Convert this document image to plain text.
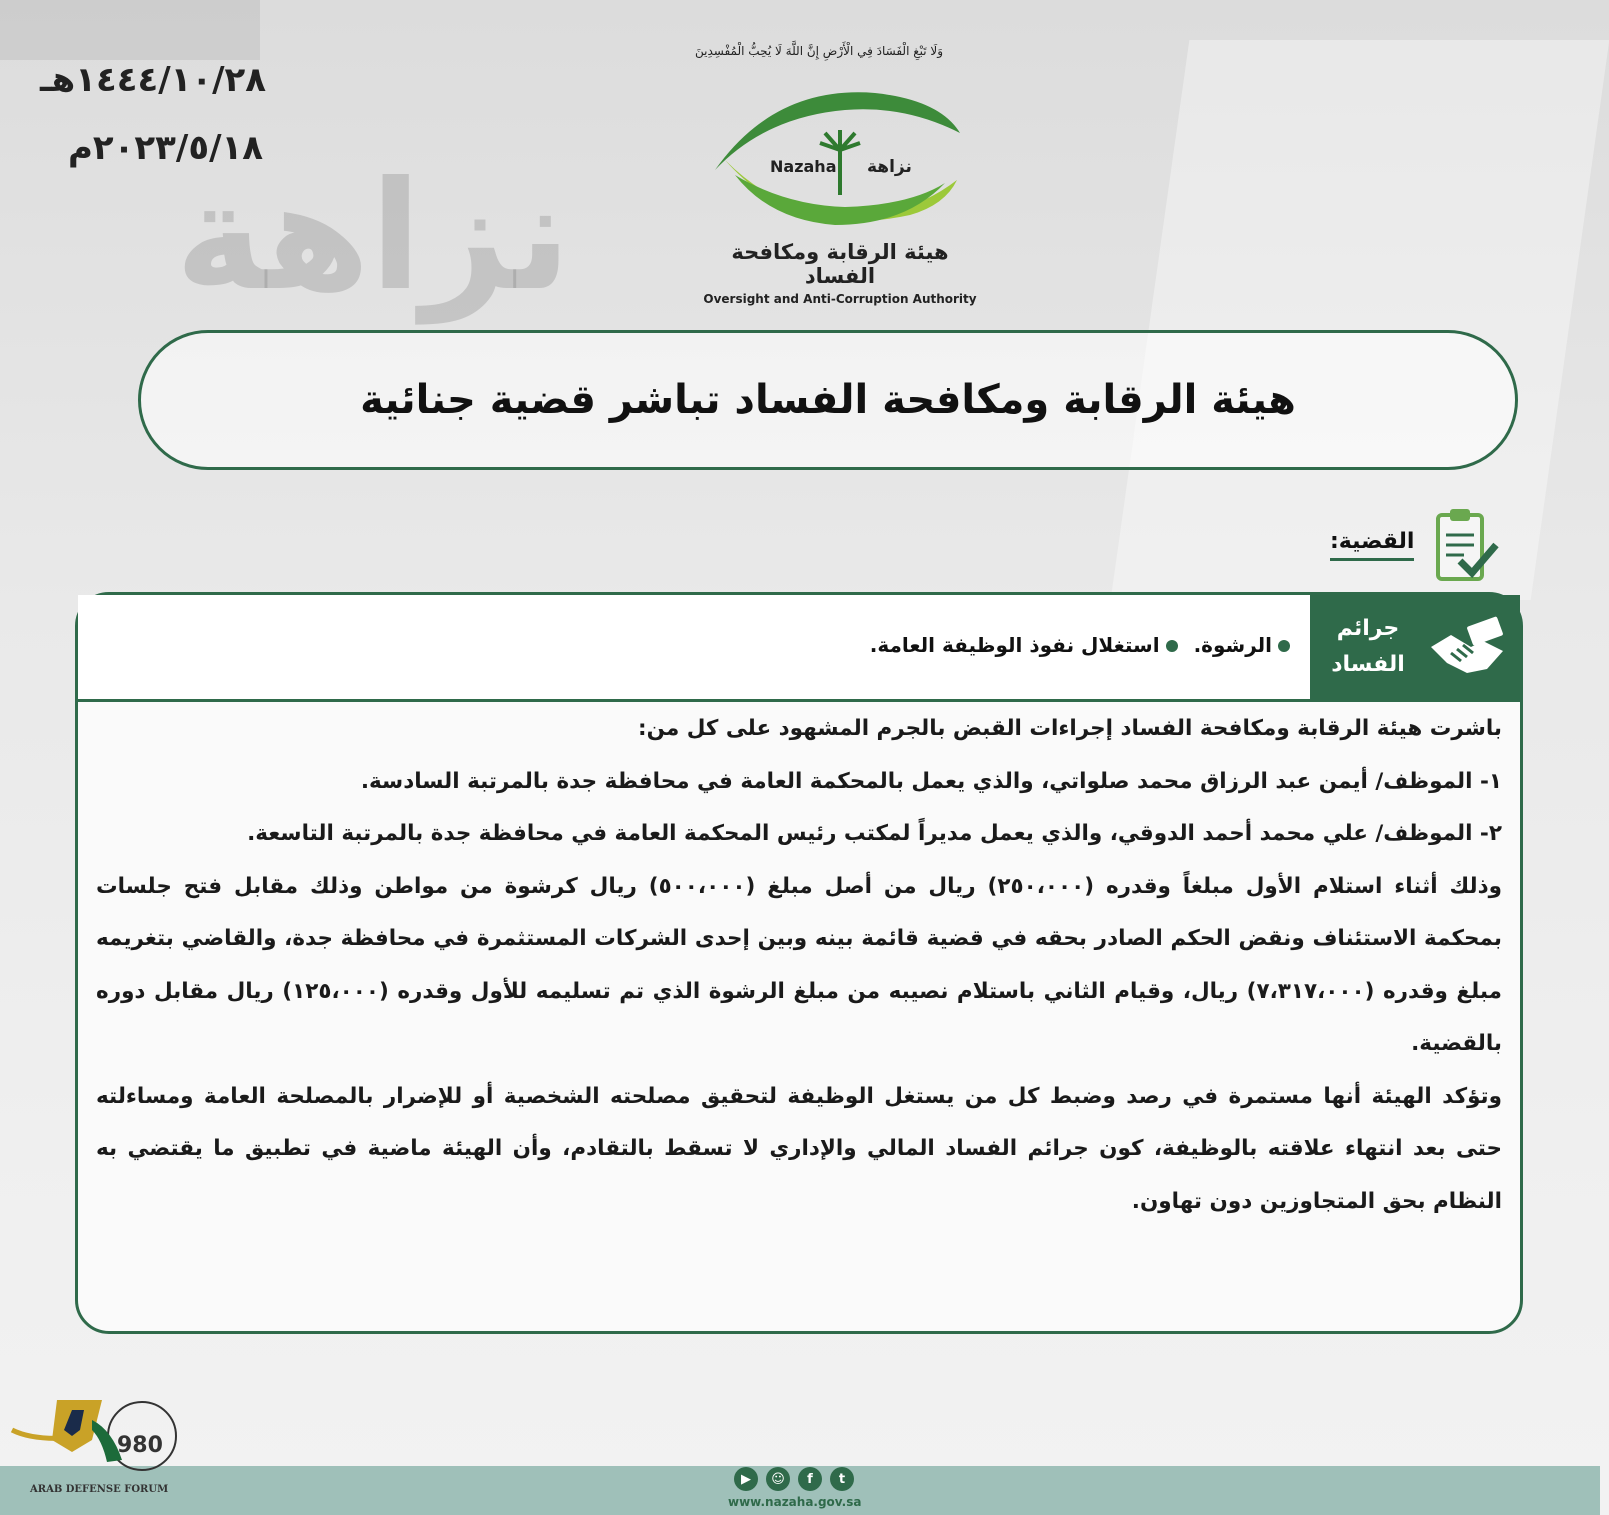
نزاهة
١٤٤٤/١٠/٢٨هـ
٢٠٢٣/٥/١٨م
وَلَا تَبْغِ الْفَسَادَ فِي الْأَرْضِ إِنَّ اللَّهَ لَا يُحِبُّ الْمُفْسِدِينَ
Nazaha نزاهة
هيئة الرقابة ومكافحة الفساد
Oversight and Anti-Corruption Authority
هيئة الرقابة ومكافحة الفساد تباشر قضية جنائية
القضية:
جرائم الفساد
الرشوة.
استغلال نفوذ الوظيفة العامة.

باشرت هيئة الرقابة ومكافحة الفساد إجراءات القبض بالجرم المشهود على كل من:

١- الموظف/ أيمن عبد الرزاق محمد صلواتي، والذي يعمل بالمحكمة العامة في محافظة جدة بالمرتبة السادسة.

٢- الموظف/ علي محمد أحمد الدوقي، والذي يعمل مديراً لمكتب رئيس المحكمة العامة في محافظة جدة بالمرتبة التاسعة.

وذلك أثناء استلام الأول مبلغاً وقدره (٢٥٠،٠٠٠) ريال من أصل مبلغ (٥٠٠،٠٠٠) ريال كرشوة من مواطن وذلك مقابل فتح جلسات بمحكمة الاستئناف ونقض الحكم الصادر بحقه في قضية قائمة بينه وبين إحدى الشركات المستثمرة في محافظة جدة، والقاضي بتغريمه مبلغ وقدره (٧،٣١٧،٠٠٠) ريال، وقيام الثاني باستلام نصيبه من مبلغ الرشوة الذي تم تسليمه للأول وقدره (١٢٥،٠٠٠) ريال مقابل دوره بالقضية.

وتؤكد الهيئة أنها مستمرة في رصد وضبط كل من يستغل الوظيفة لتحقيق مصلحته الشخصية أو للإضرار بالمصلحة العامة ومساءلته حتى بعد انتهاء علاقته بالوظيفة، كون جرائم الفساد المالي والإداري لا تسقط بالتقادم، وأن الهيئة ماضية في تطبيق ما يقتضي به النظام بحق المتجاوزين دون تهاون.

▶	☺	f	t
www.nazaha.gov.sa
980
ARAB DEFENSE FORUM
